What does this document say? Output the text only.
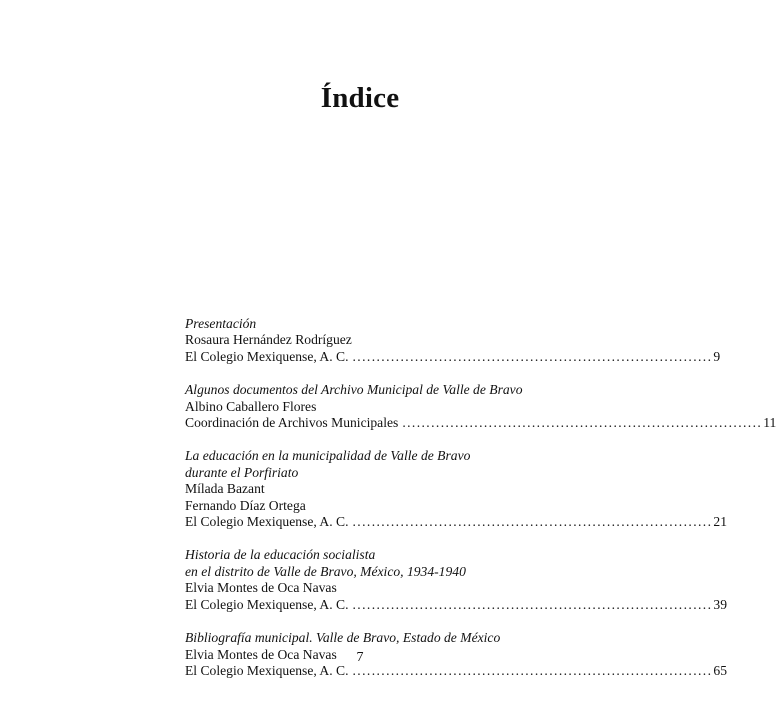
Índice
Presentación
Rosaura Hernández Rodríguez
El Colegio Mexiquense, A. C. ........................................................................... 9
Algunos documentos del Archivo Municipal de Valle de Bravo
Albino Caballero Flores
Coordinación de Archivos Municipales ........................................................................... 11
La educación en la municipalidad de Valle de Bravo
durante el Porfiriato
Mílada Bazant
Fernando Díaz Ortega
El Colegio Mexiquense, A. C. ........................................................................... 21
Historia de la educación socialista
en el distrito de Valle de Bravo, México, 1934-1940
Elvia Montes de Oca Navas
El Colegio Mexiquense, A. C. ........................................................................... 39
Bibliografía municipal. Valle de Bravo, Estado de México
Elvia Montes de Oca Navas
El Colegio Mexiquense, A. C. ........................................................................... 65
7
